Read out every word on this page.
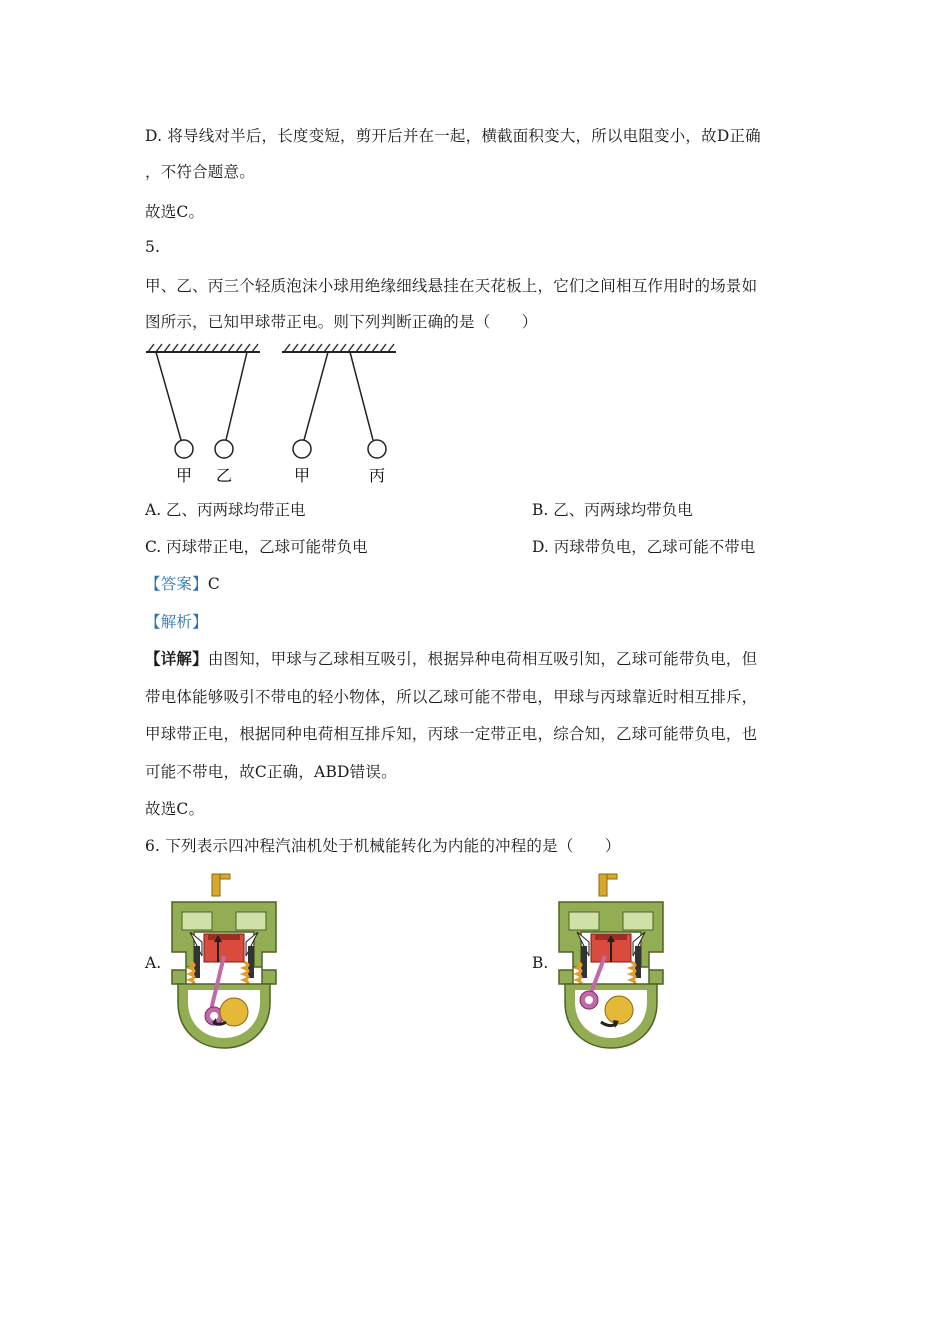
D. 将导线对半后，长度变短，剪开后并在一起，横截面积变大，所以电阻变小，故D正确
，不符合题意。
故选C。
5.
甲、乙、丙三个轻质泡沫小球用绝缘细线悬挂在天花板上，它们之间相互作用时的场景如
图所示，已知甲球带正电。则下列判断正确的是（　　）
甲 乙	甲	丙
A. 乙、丙两球均带正电	B. 乙、丙两球均带负电
C. 丙球带正电，乙球可能带负电	D. 丙球带负电，乙球可能不带电
【答案】C
【解析】
【详解】由图知，甲球与乙球相互吸引，根据异种电荷相互吸引知，乙球可能带负电，但
带电体能够吸引不带电的轻小物体，所以乙球可能不带电，甲球与丙球靠近时相互排斥，
甲球带正电，根据同种电荷相互排斥知，丙球一定带正电，综合知，乙球可能带负电，也
可能不带电，故C正确，ABD错误。
故选C。
6. 下列表示四冲程汽油机处于机械能转化为内能的冲程的是（　　）
A.	B.
